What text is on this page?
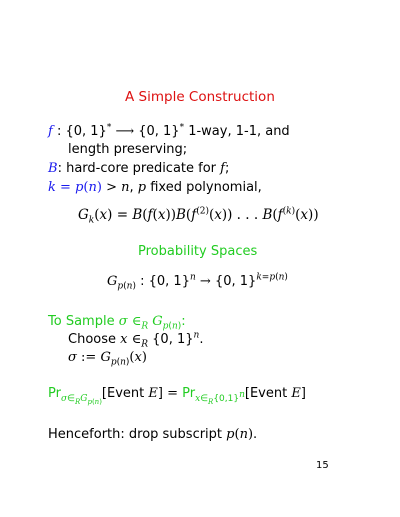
A Simple Construction
f : {0, 1}* ⟶ {0, 1}* 1-way, 1-1, and
length preserving;
B: hard-core predicate for f;
k = p(n) > n, p fixed polynomial,
$G_k(x) = B(f(x))B(f^{(2)}(x))$ . . . $B(f^{(k)}(x))$
Probability Spaces
$G_{p(n)}$ : {0, 1}$^n$ → {0, 1}$^{k=p(n)}$
To Sample σ $\in_R$ $G_{p(n)}$:
Choose x $\in_R$ {0, 1}$^n$.
σ := $G_{p(n)}(x)$
$Pr_{\sigma\in_RG_{p(n)}}[Event$ $E] = Pr_{x\in_R\{0,1\}^n}[Event$ E]
Henceforth: drop subscript p(n).
15
